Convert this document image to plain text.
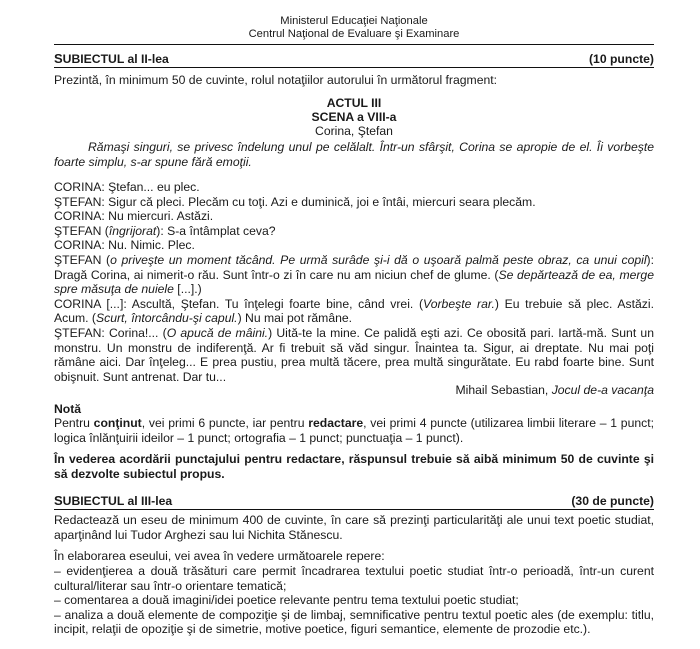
Ministerul Educaţiei Naţionale
Centrul Naţional de Evaluare şi Examinare
SUBIECTUL al II-lea	(10 puncte)

Prezintă, în minimum 50 de cuvinte, rolul notaţiilor autorului în următorul fragment:

ACTUL III
SCENA a VIII-a
Corina, Ştefan

Rămaşi singuri, se privesc îndelung unul pe celălalt. Într-un sfârşit, Corina se apropie de el. Îi vorbeşte foarte simplu, s-ar spune fără emoţii.

CORINA: Ştefan... eu plec.

ŞTEFAN: Sigur că pleci. Plecăm cu toţi. Azi e duminică, joi e întâi, miercuri seara plecăm.

CORINA: Nu miercuri. Astăzi.

ŞTEFAN (îngrijorat): S-a întâmplat ceva?

CORINA: Nu. Nimic. Plec.

ŞTEFAN (o priveşte un moment tăcând. Pe urmă surâde şi-i dă o uşoară palmă peste obraz, ca unui copil): Dragă Corina, ai nimerit-o rău. Sunt într-o zi în care nu am niciun chef de glume. (Se depărtează de ea, merge spre măsuţa de nuiele [...].)

CORINA [...]: Ascultă, Ştefan. Tu înţelegi foarte bine, când vrei. (Vorbeşte rar.) Eu trebuie să plec. Astăzi. Acum. (Scurt, întorcându-şi capul.) Nu mai pot rămâne.

ŞTEFAN: Corina!... (O apucă de mâini.) Uită-te la mine. Ce palidă eşti azi. Ce obosită pari. Iartă-mă. Sunt un monstru. Un monstru de indiferenţă. Ar fi trebuit să văd singur. Înaintea ta. Sigur, ai dreptate. Nu mai poţi rămâne aici. Dar înţeleg... E prea pustiu, prea multă tăcere, prea multă singurătate. Eu rabd foarte bine. Sunt obişnuit. Sunt antrenat. Dar tu...

Mihail Sebastian, Jocul de-a vacanţa

Notă

Pentru conţinut, vei primi 6 puncte, iar pentru redactare, vei primi 4 puncte (utilizarea limbii literare – 1 punct; logica înlănţuirii ideilor – 1 punct; ortografia – 1 punct; punctuaţia – 1 punct).

În vederea acordării punctajului pentru redactare, răspunsul trebuie să aibă minimum 50 de cuvinte şi să dezvolte subiectul propus.

SUBIECTUL al III-lea	(30 de puncte)

Redactează un eseu de minimum 400 de cuvinte, în care să prezinţi particularităţi ale unui text poetic studiat, aparţinând lui Tudor Arghezi sau lui Nichita Stănescu.

În elaborarea eseului, vei avea în vedere următoarele repere:

– evidenţierea a două trăsături care permit încadrarea textului poetic studiat într-o perioadă, într-un curent cultural/literar sau într-o orientare tematică;

– comentarea a două imagini/idei poetice relevante pentru tema textului poetic studiat;

– analiza a două elemente de compoziţie şi de limbaj, semnificative pentru textul poetic ales (de exemplu: titlu, incipit, relaţii de opoziţie şi de simetrie, motive poetice, figuri semantice, elemente de prozodie etc.).
